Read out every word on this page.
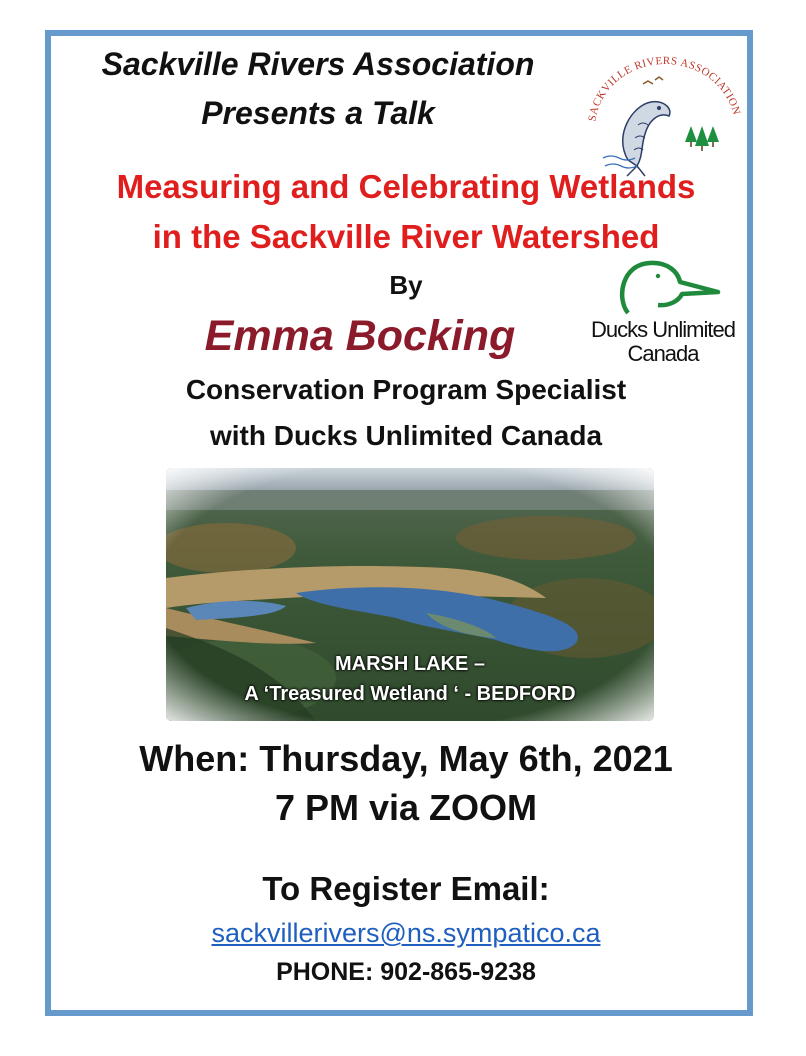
Sackville Rivers Association
Presents a Talk	SACKVILLE RIVERS ASSOCIATION
Measuring and Celebrating Wetlands
in the Sackville River Watershed
By
Emma Bocking	Ducks Unlimited
Canada
Conservation Program Specialist
with Ducks Unlimited Canada
MARSH LAKE –
A ‘Treasured Wetland ‘ - BEDFORD
When: Thursday, May 6th, 2021
7 PM via ZOOM
To Register Email:
sackvillerivers@ns.sympatico.ca
PHONE: 902-865-9238
